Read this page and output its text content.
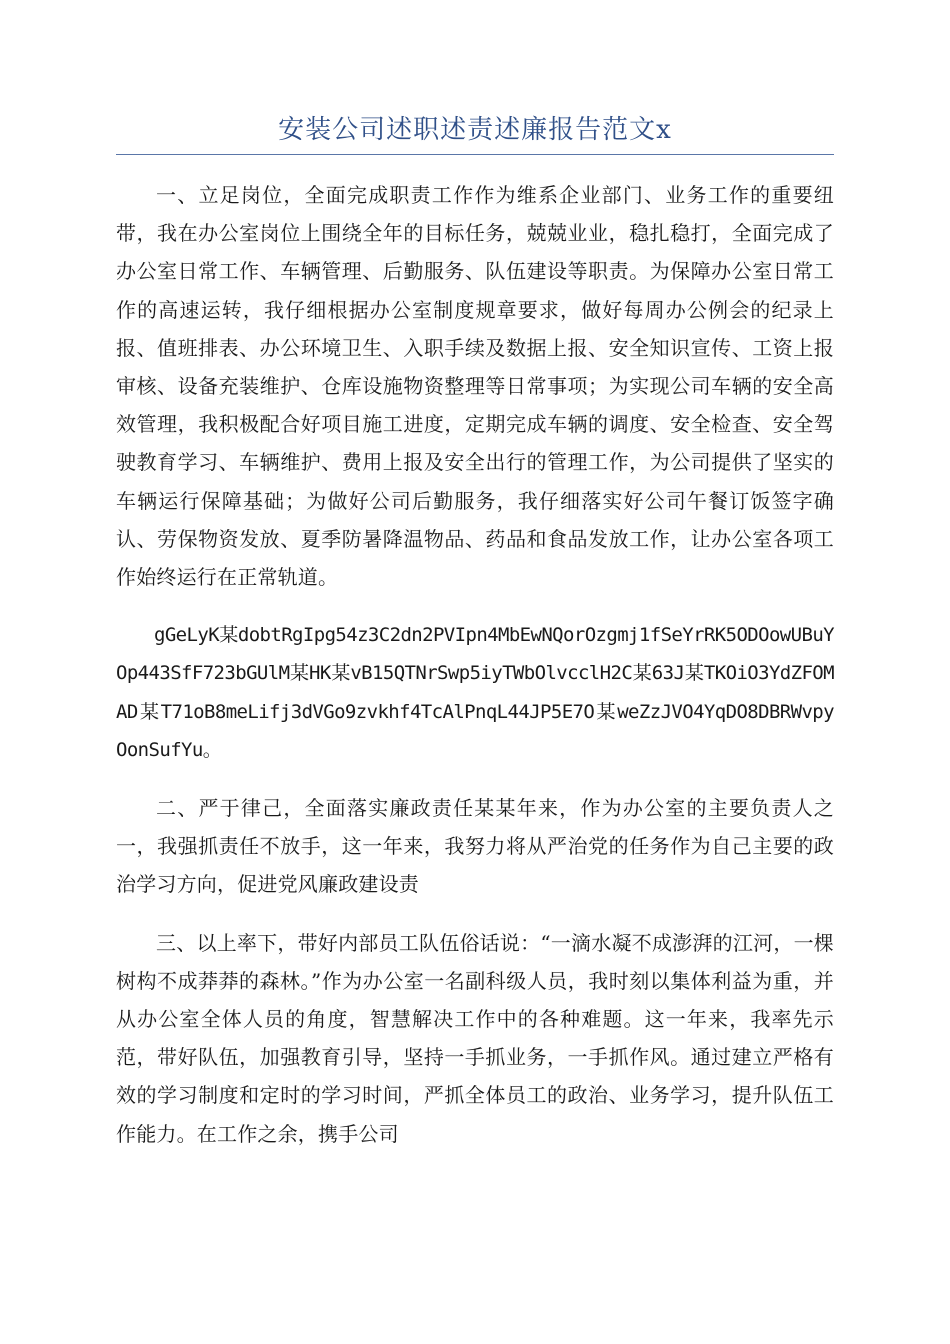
安装公司述职述责述廉报告范文x

一、立足岗位，全面完成职责工作作为维系企业部门、业务工作的重要纽带，我在办公室岗位上围绕全年的目标任务，兢兢业业，稳扎稳打，全面完成了办公室日常工作、车辆管理、后勤服务、队伍建设等职责。为保障办公室日常工作的高速运转，我仔细根据办公室制度规章要求，做好每周办公例会的纪录上报、值班排表、办公环境卫生、入职手续及数据上报、安全知识宣传、工资上报审核、设备充装维护、仓库设施物资整理等日常事项；为实现公司车辆的安全高效管理，我积极配合好项目施工进度，定期完成车辆的调度、安全检查、安全驾驶教育学习、车辆维护、费用上报及安全出行的管理工作，为公司提供了坚实的车辆运行保障基础；为做好公司后勤服务，我仔细落实好公司午餐订饭签字确认、劳保物资发放、夏季防暑降温物品、药品和食品发放工作，让办公室各项工作始终运行在正常轨道。

gGeLyK某dobtRgIpg54z3C2dn2PVIpn4MbEwNQorOzgmj1fSeYrRK5ODOowUBuYOp443SfF723bGUlM某HK某vB15QTNrSwp5iyTWbOlvcclH2C某63J某TKOiO3YdZFOMAD某T71oB8meLifj3dVGo9zvkhf4TcAlPnqL44JP5E7O某weZzJVO4YqDO8DBRWvpyOonSufYu。

二、严于律己，全面落实廉政责任某某年来，作为办公室的主要负责人之一，我强抓责任不放手，这一年来，我努力将从严治党的任务作为自己主要的政治学习方向，促进党风廉政建设责

三、以上率下，带好内部员工队伍俗话说：“一滴水凝不成澎湃的江河，一棵树构不成莽莽的森林。”作为办公室一名副科级人员，我时刻以集体利益为重，并从办公室全体人员的角度，智慧解决工作中的各种难题。这一年来，我率先示范，带好队伍，加强教育引导，坚持一手抓业务，一手抓作风。通过建立严格有效的学习制度和定时的学习时间，严抓全体员工的政治、业务学习，提升队伍工作能力。在工作之余，携手公司
